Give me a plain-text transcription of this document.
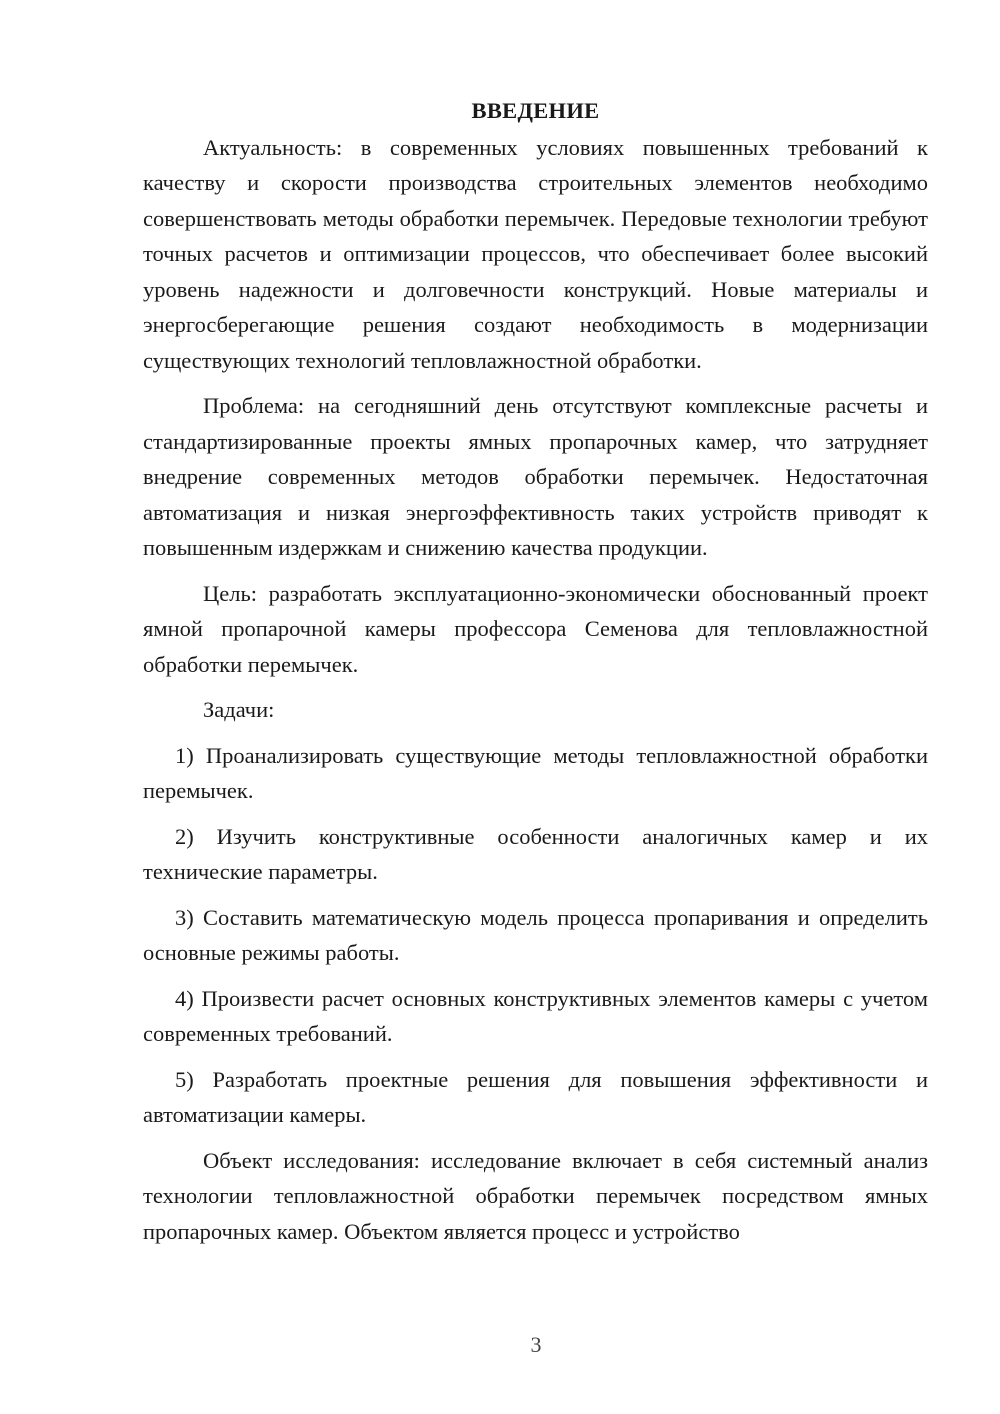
ВВЕДЕНИЕ

Актуальность: в современных условиях повышенных требований к качеству и скорости производства строительных элементов необходимо совершенствовать методы обработки перемычек. Передовые технологии требуют точных расчетов и оптимизации процессов, что обеспечивает более высокий уровень надежности и долговечности конструкций. Новые материалы и энергосберегающие решения создают необходимость в модернизации существующих технологий тепловлажностной обработки.

Проблема: на сегодняшний день отсутствуют комплексные расчеты и стандартизированные проекты ямных пропарочных камер, что затрудняет внедрение современных методов обработки перемычек. Недостаточная автоматизация и низкая энергоэффективность таких устройств приводят к повышенным издержкам и снижению качества продукции.

Цель: разработать эксплуатационно-экономически обоснованный проект ямной пропарочной камеры профессора Семенова для тепловлажностной обработки перемычек.

Задачи:

1) Проанализировать существующие методы тепловлажностной обработки перемычек.

2) Изучить конструктивные особенности аналогичных камер и их технические параметры.

3) Составить математическую модель процесса пропаривания и определить основные режимы работы.

4) Произвести расчет основных конструктивных элементов камеры с учетом современных требований.

5) Разработать проектные решения для повышения эффективности и автоматизации камеры.

Объект исследования: исследование включает в себя системный анализ технологии тепловлажностной обработки перемычек посредством ямных пропарочных камер. Объектом является процесс и устройство

3
